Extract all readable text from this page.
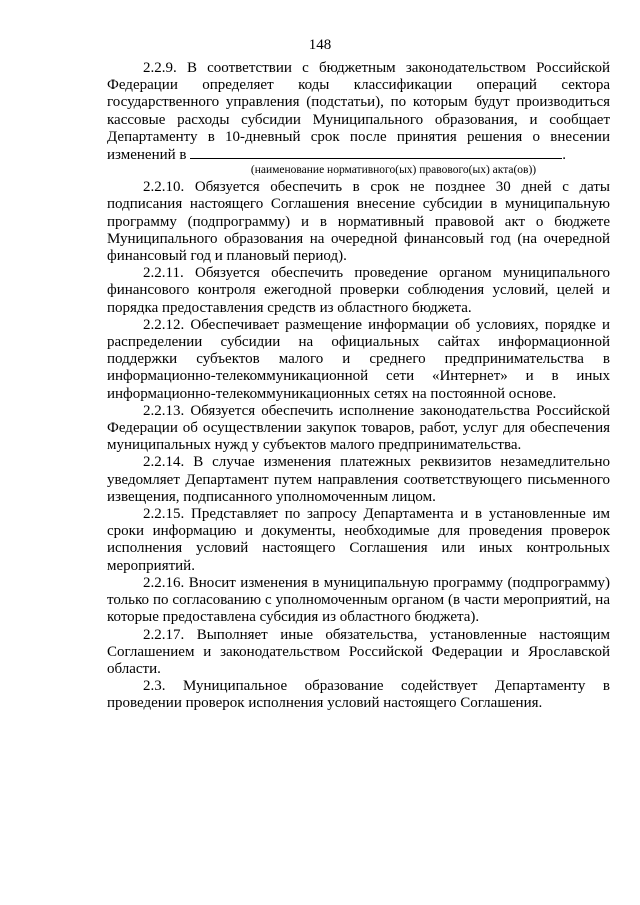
148

2.2.9. В соответствии с бюджетным законодательством Российской Федерации определяет коды классификации операций сектора государственного управления (подстатьи), по которым будут производиться кассовые расходы субсидии Муниципального образования, и сообщает Департаменту в 10-дневный срок после принятия решения о внесении изменений в	.

(наименование нормативного(ых) правового(ых) акта(ов))

2.2.10. Обязуется обеспечить в срок не позднее 30 дней с даты подписания настоящего Соглашения внесение субсидии в муниципальную программу (подпрограмму) и в нормативный правовой акт о бюджете Муниципального образования на очередной финансовый год (на очередной финансовый год и плановый период).

2.2.11. Обязуется обеспечить проведение органом муниципального финансового контроля ежегодной проверки соблюдения условий, целей и порядка предоставления средств из областного бюджета.

2.2.12. Обеспечивает размещение информации об условиях, порядке и распределении субсидии на официальных сайтах информационной поддержки субъектов малого и среднего предпринимательства в информационно-телекоммуникационной сети «Интернет» и в иных информационно-телекоммуникационных сетях на постоянной основе.

2.2.13. Обязуется обеспечить исполнение законодательства Российской Федерации об осуществлении закупок товаров, работ, услуг для обеспечения муниципальных нужд у субъектов малого предпринимательства.

2.2.14. В случае изменения платежных реквизитов незамедлительно уведомляет Департамент путем направления соответствующего письменного извещения, подписанного уполномоченным лицом.

2.2.15. Представляет по запросу Департамента и в установленные им сроки информацию и документы, необходимые для проведения проверок исполнения условий настоящего Соглашения или иных контрольных мероприятий.

2.2.16. Вносит изменения в муниципальную программу (подпрограмму) только по согласованию с уполномоченным органом (в части мероприятий, на которые предоставлена субсидия из областного бюджета).

2.2.17. Выполняет иные обязательства, установленные настоящим Соглашением и законодательством Российской Федерации и Ярославской области.

2.3. Муниципальное образование содействует Департаменту в проведении проверок исполнения условий настоящего Соглашения.
